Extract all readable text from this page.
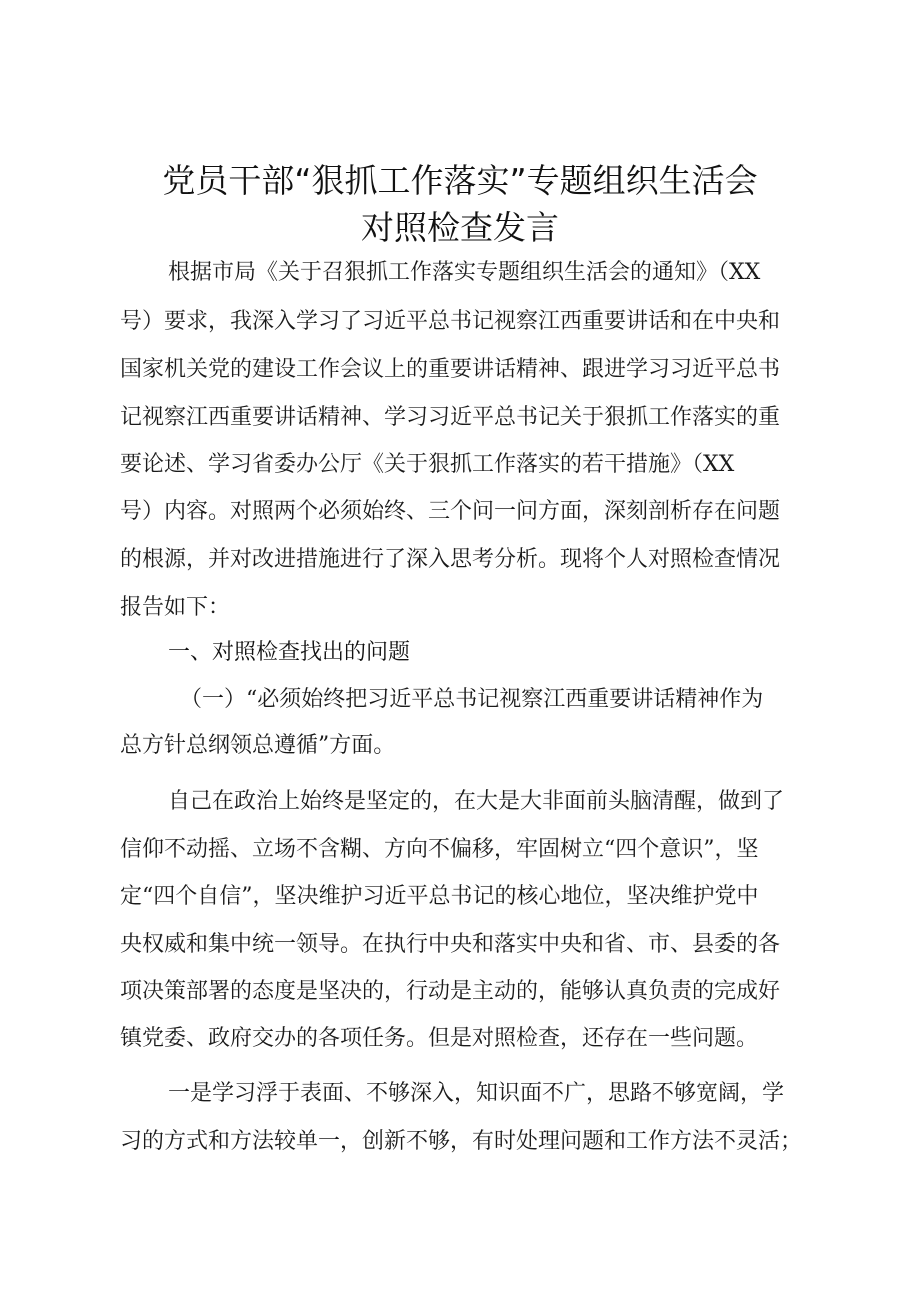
党员干部“狠抓工作落实”专题组织生活会
对照检查发言
根据市局《关于召狠抓工作落实专题组织生活会的通知》（XX
号）要求，我深入学习了习近平总书记视察江西重要讲话和在中央和
国家机关党的建设工作会议上的重要讲话精神、跟进学习习近平总书
记视察江西重要讲话精神、学习习近平总书记关于狠抓工作落实的重
要论述、学习省委办公厅《关于狠抓工作落实的若干措施》（XX
号）内容。对照两个必须始终、三个问一问方面，深刻剖析存在问题
的根源，并对改进措施进行了深入思考分析。现将个人对照检查情况
报告如下：
一、对照检查找出的问题
（一）“必须始终把习近平总书记视察江西重要讲话精神作为
总方针总纲领总遵循”方面。
自己在政治上始终是坚定的，在大是大非面前头脑清醒，做到了
信仰不动摇、立场不含糊、方向不偏移，牢固树立“四个意识”，坚
定“四个自信”，坚决维护习近平总书记的核心地位，坚决维护党中
央权威和集中统一领导。在执行中央和落实中央和省、市、县委的各
项决策部署的态度是坚决的，行动是主动的，能够认真负责的完成好
镇党委、政府交办的各项任务。但是对照检查，还存在一些问题。
一是学习浮于表面、不够深入，知识面不广，思路不够宽阔，学
习的方式和方法较单一，创新不够，有时处理问题和工作方法不灵活；
